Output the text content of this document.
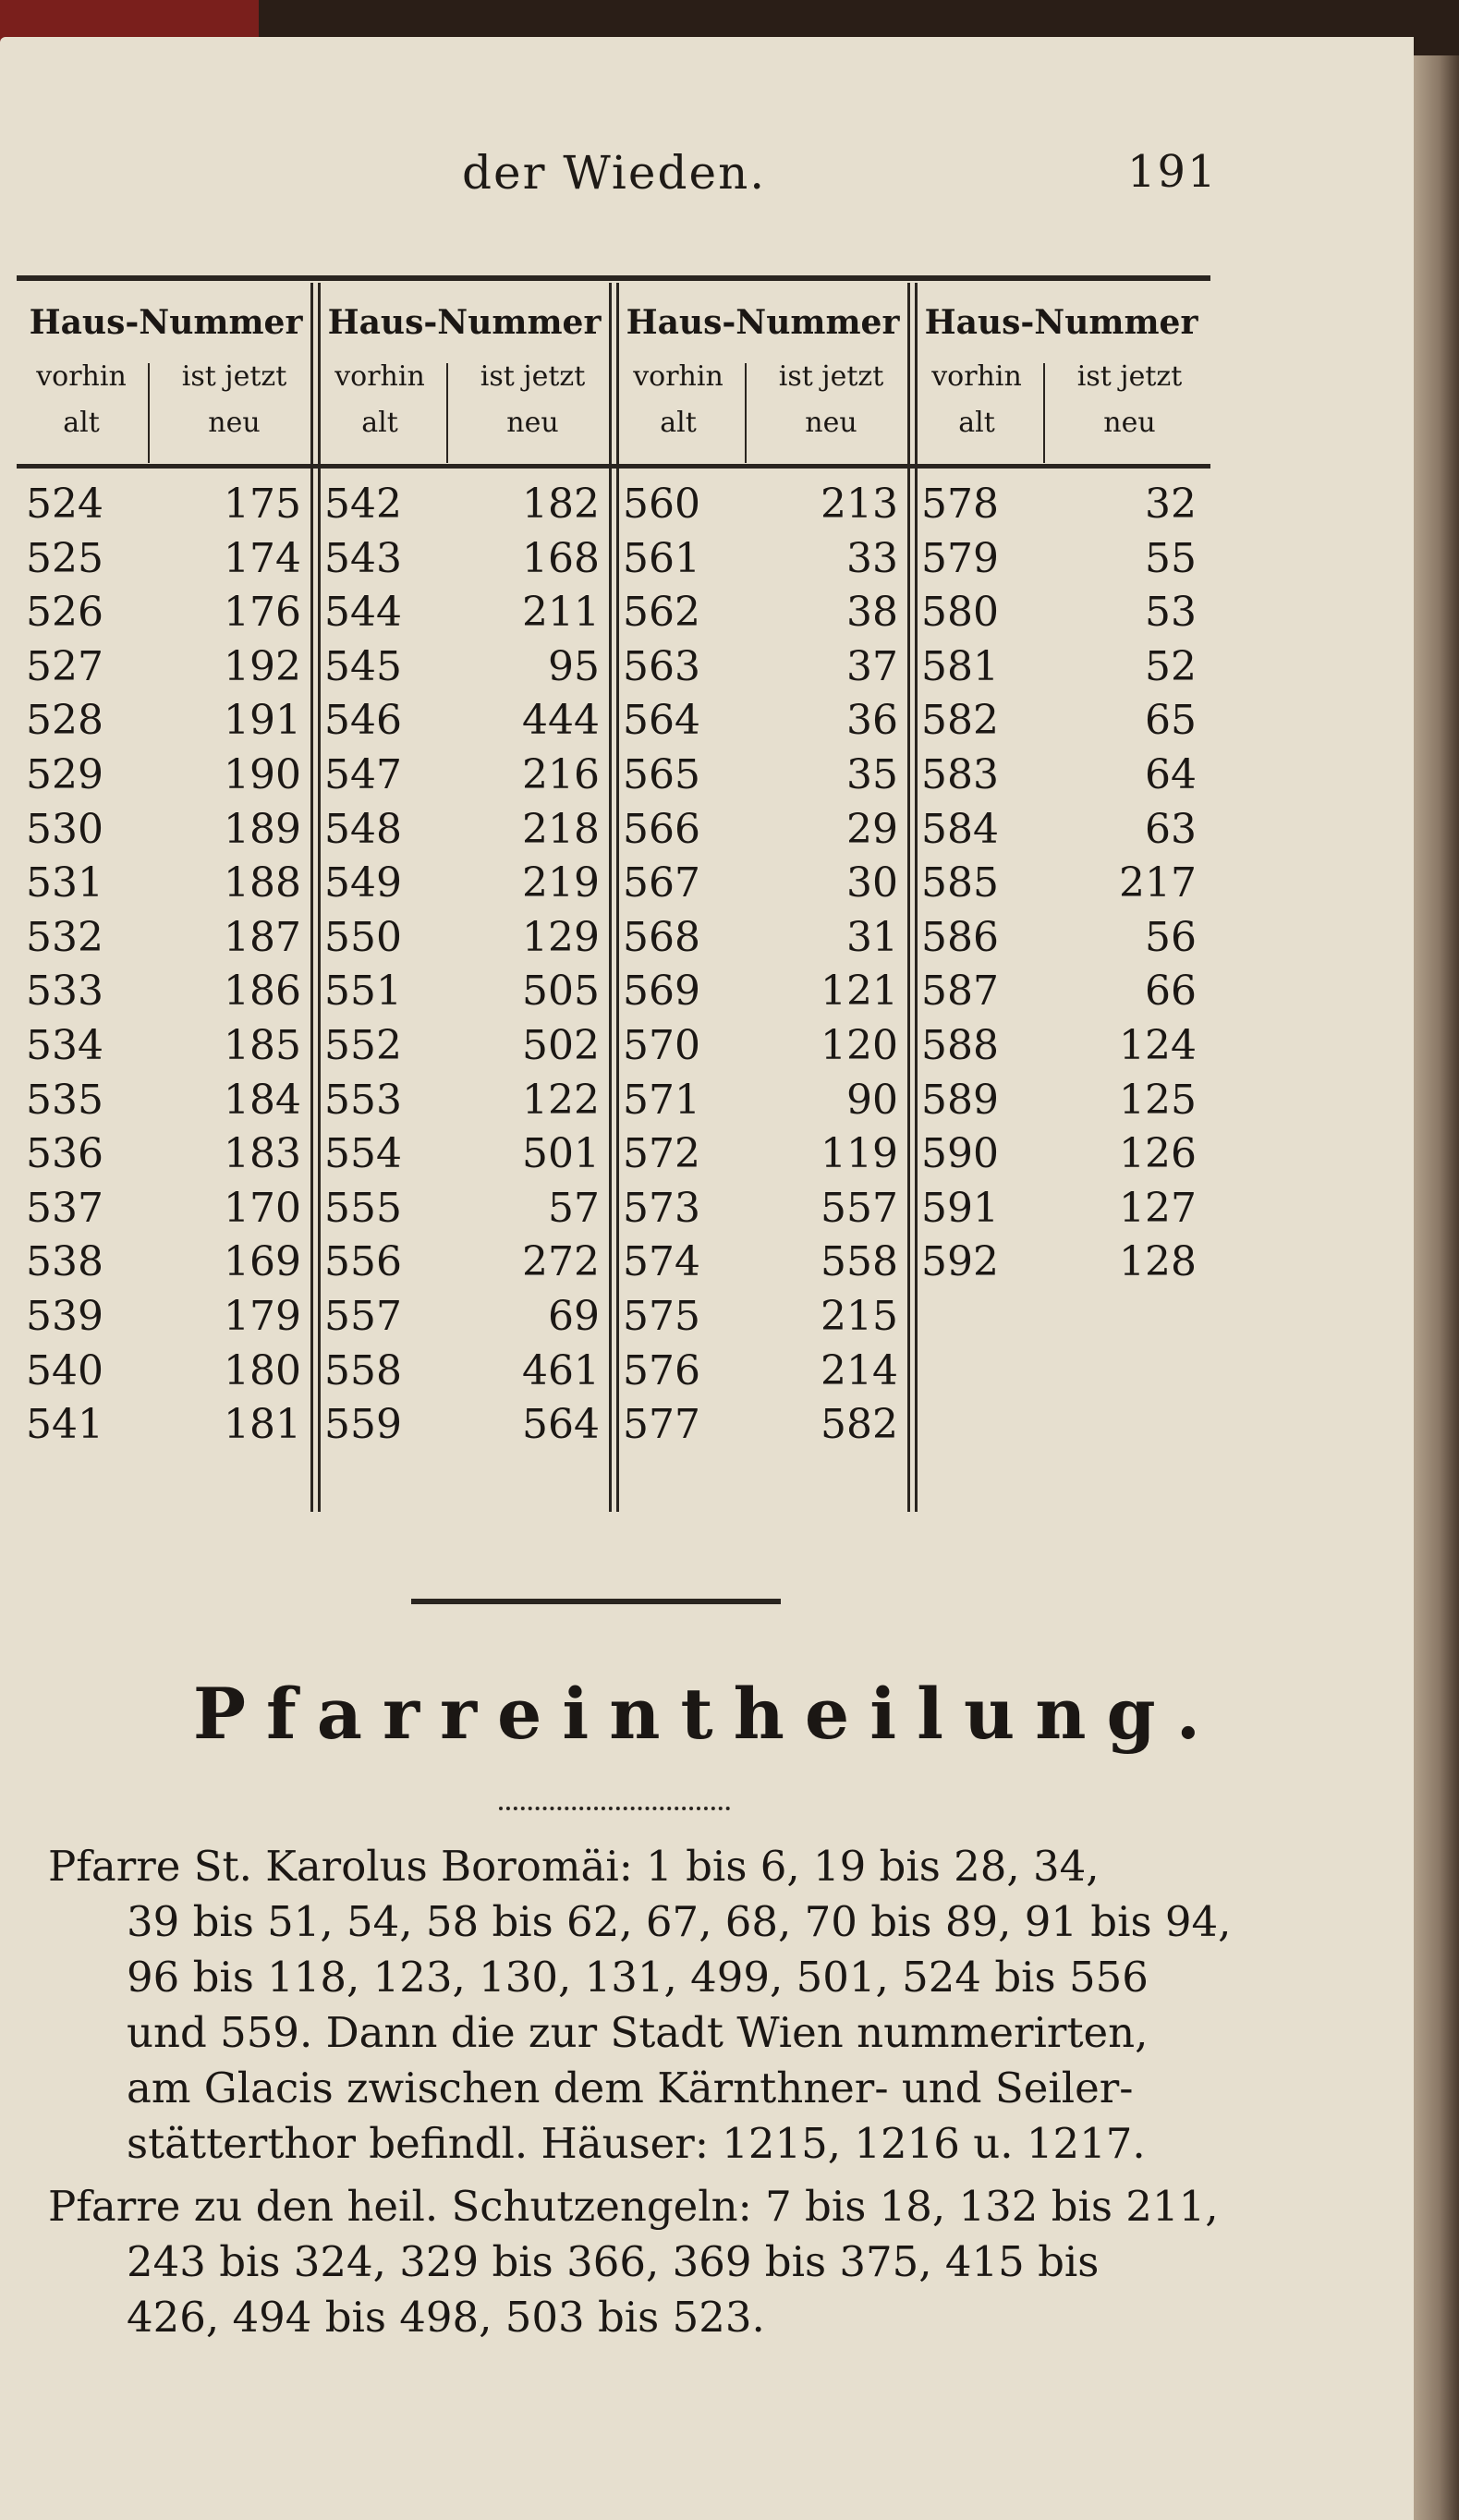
der Wieden.	191
Haus-Nummer
vorhin
alt
ist jetzt
neu
524	175
525	174
526	176
527	192
528	191
529	190
530	189
531	188
532	187
533	186
534	185
535	184
536	183
537	170
538	169
539	179
540	180
541	181
Haus-Nummer
vorhin
alt
ist jetzt
neu
542	182
543	168
544	211
545	95
546	444
547	216
548	218
549	219
550	129
551	505
552	502
553	122
554	501
555	57
556	272
557	69
558	461
559	564
Haus-Nummer
vorhin
alt
ist jetzt
neu
560	213
561	33
562	38
563	37
564	36
565	35
566	29
567	30
568	31
569	121
570	120
571	90
572	119
573	557
574	558
575	215
576	214
577	582
Haus-Nummer
vorhin
alt
ist jetzt
neu
578	32
579	55
580	53
581	52
582	65
583	64
584	63
585	217
586	56
587	66
588	124
589	125
590	126
591	127
592	128
Pfarreintheilung.
Pfarre St. Karolus Boromäi: 1 bis 6, 19 bis 28, 34,
39 bis 51, 54, 58 bis 62, 67, 68, 70 bis 89, 91 bis 94,
96 bis 118, 123, 130, 131, 499, 501, 524 bis 556
und 559. Dann die zur Stadt Wien nummerirten,
am Glacis zwischen dem Kärnthner- und Seiler-
stätterthor befindl. Häuser: 1215, 1216 u. 1217.
Pfarre zu den heil. Schutzengeln: 7 bis 18, 132 bis 211,
243 bis 324, 329 bis 366, 369 bis 375, 415 bis
426, 494 bis 498, 503 bis 523.
